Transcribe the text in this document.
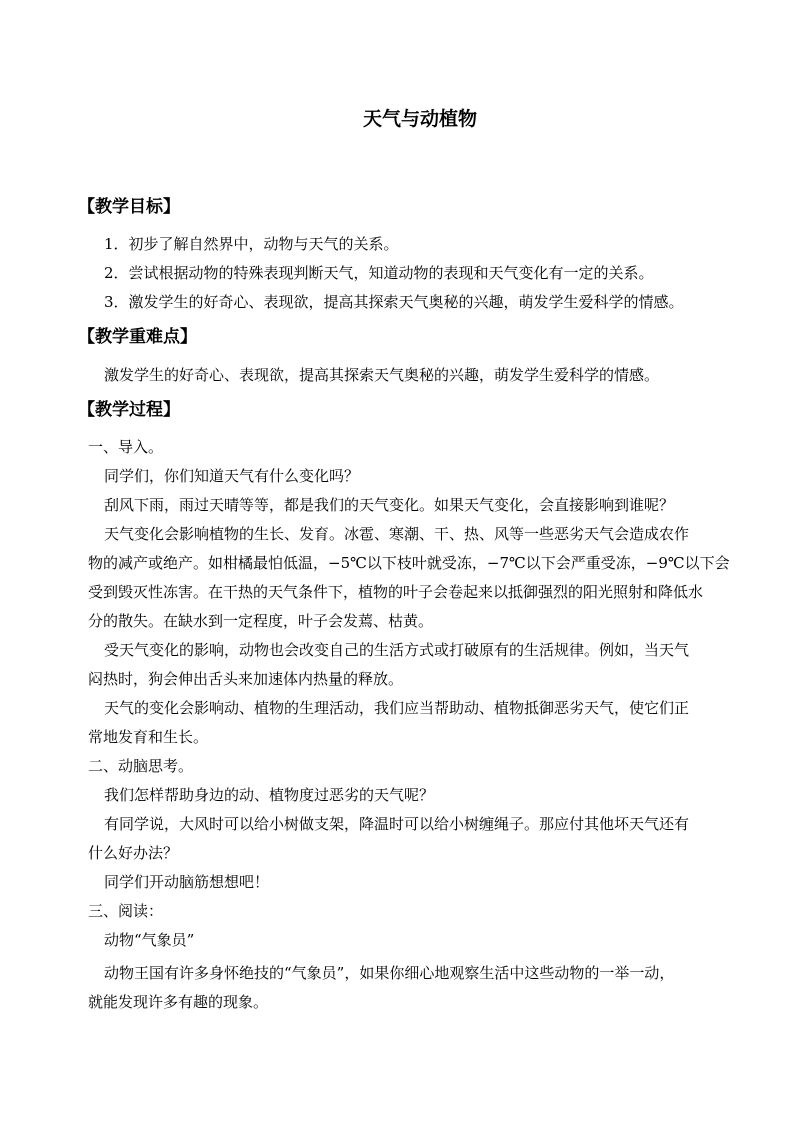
天气与动植物
【教学目标】
1．初步了解自然界中，动物与天气的关系。
2．尝试根据动物的特殊表现判断天气，知道动物的表现和天气变化有一定的关系。
3．激发学生的好奇心、表现欲，提高其探索天气奥秘的兴趣，萌发学生爱科学的情感。
【教学重难点】
激发学生的好奇心、表现欲，提高其探索天气奥秘的兴趣，萌发学生爱科学的情感。
【教学过程】
一、导入。
同学们，你们知道天气有什么变化吗？
刮风下雨，雨过天晴等等，都是我们的天气变化。如果天气变化，会直接影响到谁呢？
天气变化会影响植物的生长、发育。冰雹、寒潮、干、热、风等一些恶劣天气会造成农作
物的减产或绝产。如柑橘最怕低温，−5℃以下枝叶就受冻，−7℃以下会严重受冻，−9℃以下会
受到毁灭性冻害。在干热的天气条件下，植物的叶子会卷起来以抵御强烈的阳光照射和降低水
分的散失。在缺水到一定程度，叶子会发蔫、枯黄。
受天气变化的影响，动物也会改变自己的生活方式或打破原有的生活规律。例如，当天气
闷热时，狗会伸出舌头来加速体内热量的释放。
天气的变化会影响动、植物的生理活动，我们应当帮助动、植物抵御恶劣天气，使它们正
常地发育和生长。
二、动脑思考。
我们怎样帮助身边的动、植物度过恶劣的天气呢？
有同学说，大风时可以给小树做支架，降温时可以给小树缠绳子。那应付其他坏天气还有
什么好办法？
同学们开动脑筋想想吧！
三、阅读：
动物“气象员”
动物王国有许多身怀绝技的“气象员”，如果你细心地观察生活中这些动物的一举一动，
就能发现许多有趣的现象。
